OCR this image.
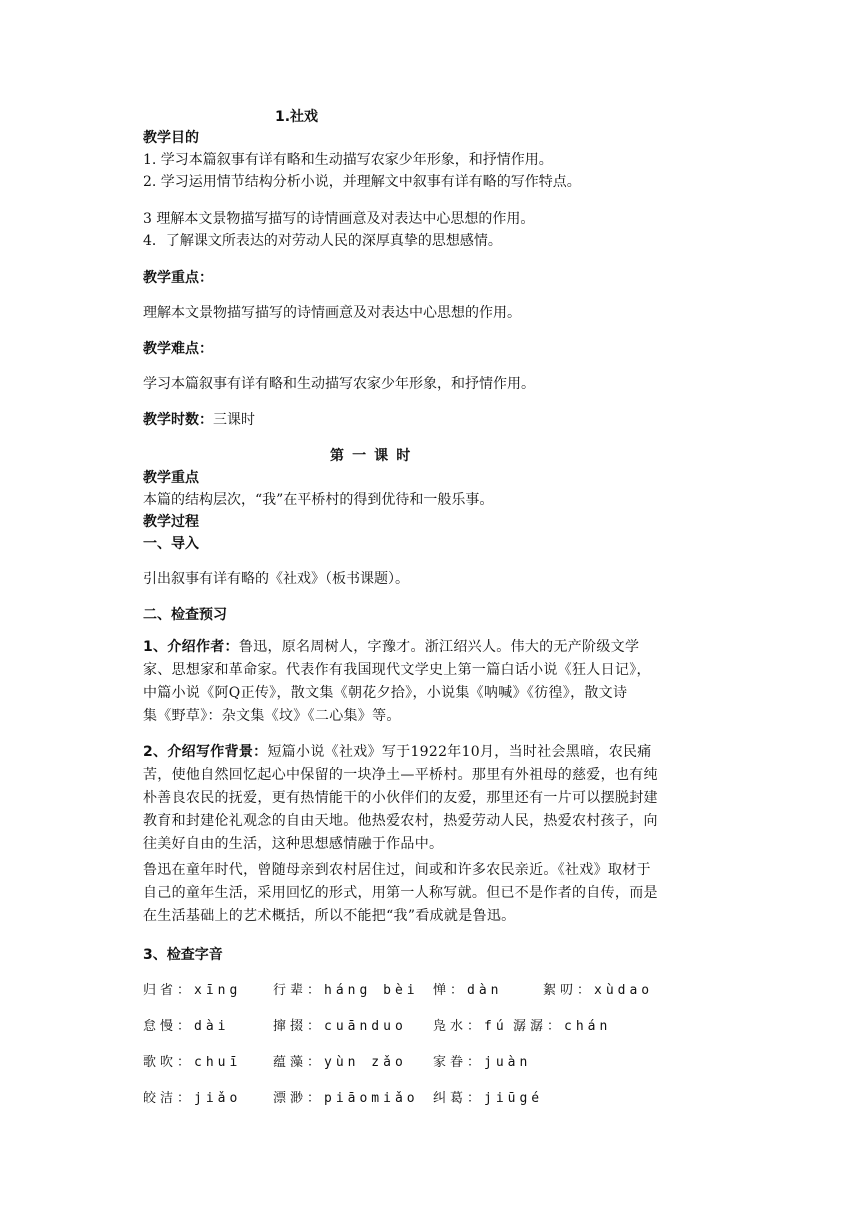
1.社戏
教学目的
1. 学习本篇叙事有详有略和生动描写农家少年形象，和抒情作用。
2. 学习运用情节结构分析小说，并理解文中叙事有详有略的写作特点。
3 理解本文景物描写描写的诗情画意及对表达中心思想的作用。
4．了解课文所表达的对劳动人民的深厚真挚的思想感情。
教学重点：
理解本文景物描写描写的诗情画意及对表达中心思想的作用。
教学难点：
学习本篇叙事有详有略和生动描写农家少年形象，和抒情作用。
教学时数：三课时
第 一 课 时
教学重点
本篇的结构层次，“我”在平桥村的得到优待和一般乐事。
教学过程
一、导入
引出叙事有详有略的《社戏》（板书课题）。
二、检查预习
1、介绍作者：鲁迅，原名周树人，字豫才。浙江绍兴人。伟大的无产阶级文学
家、思想家和革命家。代表作有我国现代文学史上第一篇白话小说《狂人日记》，
中篇小说《阿Q正传》，散文集《朝花夕拾》，小说集《呐喊》《彷徨》，散文诗
集《野草》：杂文集《坟》《二心集》等。
2、介绍写作背景：短篇小说《社戏》写于1922年10月，当时社会黑暗，农民痛
苦，使他自然回忆起心中保留的一块净土—平桥村。那里有外祖母的慈爱，也有纯
朴善良农民的抚爱，更有热情能干的小伙伴们的友爱，那里还有一片可以摆脱封建
教育和封建伦礼观念的自由天地。他热爱农村，热爱劳动人民，热爱农村孩子，向
往美好自由的生活，这种思想感情融于作品中。
鲁迅在童年时代，曾随母亲到农村居住过，间或和许多农民亲近。《社戏》取材于
自己的童年生活，采用回忆的形式，用第一人称写就。但已不是作者的自传，而是
在生活基础上的艺术概括，所以不能把“我”看成就是鲁迅。
3、检查字音
归省：xīng 行辈：háng bèi 惮：dàn	絮叨：xùdao
怠慢：dài	撺掇：cuānduo 凫水：fú 潺潺：chán
歌吹：chuī 蕴藻：yùn zǎo 家眷：juàn
皎洁：jiǎo 漂渺：piāomiǎo 纠葛：jiūgé
